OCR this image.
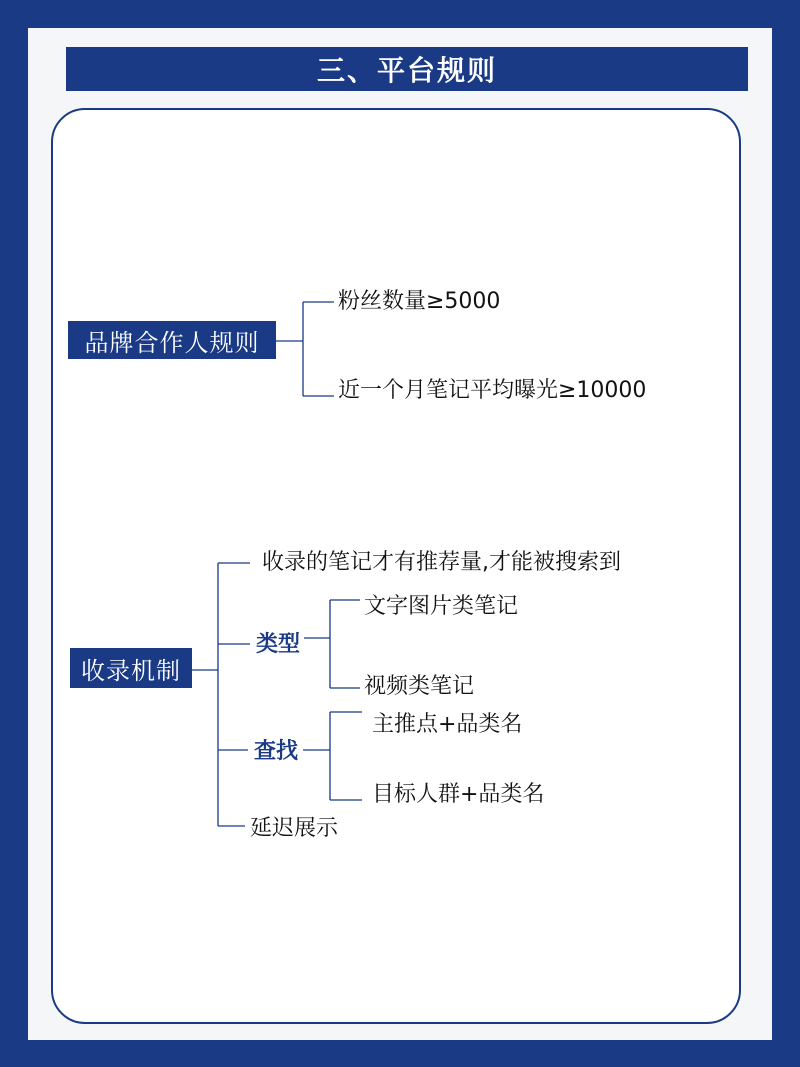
三、平台规则
品牌合作人规则
粉丝数量≥5000
近一个月笔记平均曝光≥10000
收录机制
收录的笔记才有推荐量,才能被搜索到
类型
文字图片类笔记
视频类笔记
查找
主推点+品类名
目标人群+品类名
延迟展示
